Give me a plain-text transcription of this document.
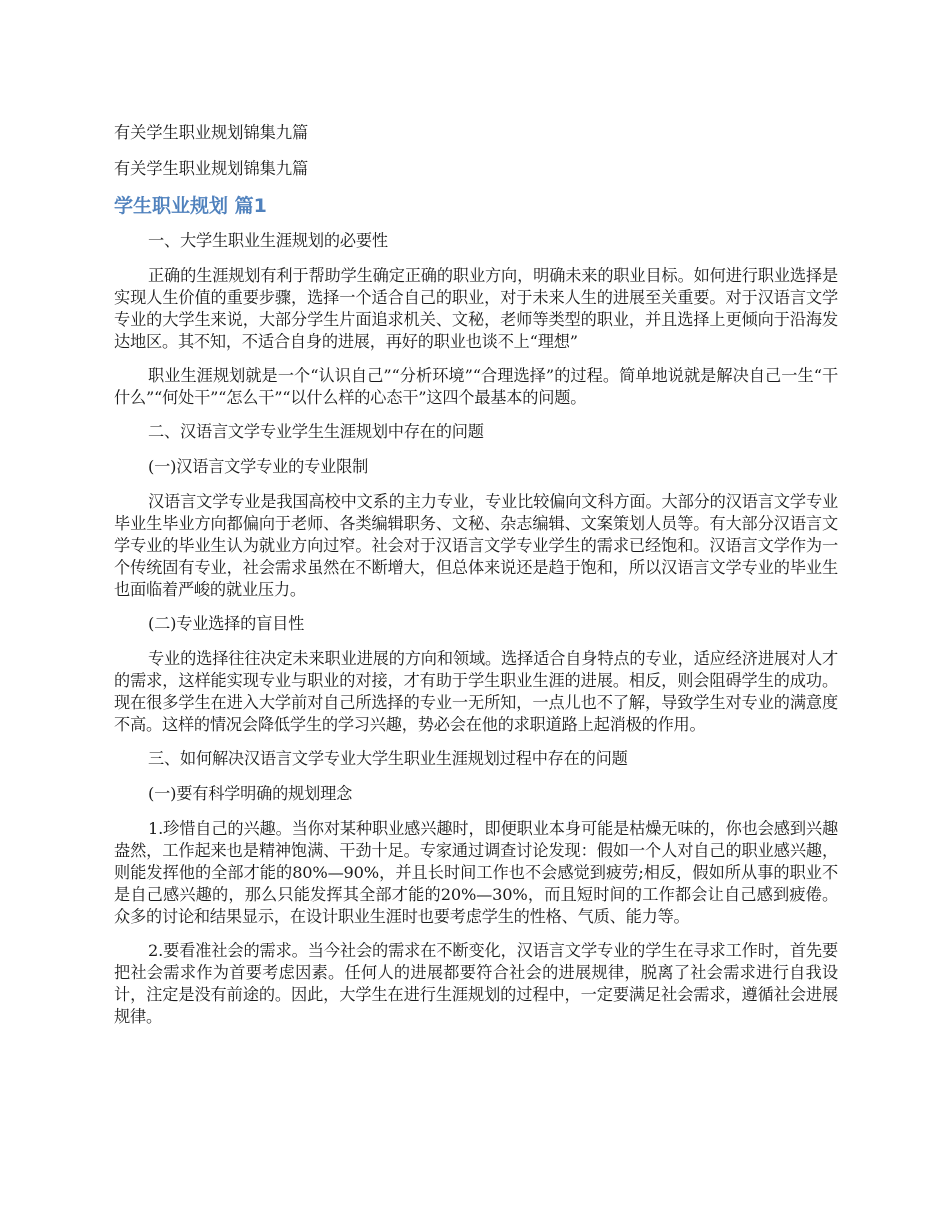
有关学生职业规划锦集九篇

有关学生职业规划锦集九篇

学生职业规划 篇1

一、大学生职业生涯规划的必要性

正确的生涯规划有利于帮助学生确定正确的职业方向，明确未来的职业目标。如何进行职业选择是实现人生价值的重要步骤，选择一个适合自己的职业，对于未来人生的进展至关重要。对于汉语言文学专业的大学生来说，大部分学生片面追求机关、文秘，老师等类型的职业，并且选择上更倾向于沿海发达地区。其不知，不适合自身的进展，再好的职业也谈不上“理想”

职业生涯规划就是一个“认识自己”“分析环境”“合理选择”的过程。简单地说就是解决自己一生“干什么”“何处干”“怎么干”“以什么样的心态干”这四个最基本的问题。

二、汉语言文学专业学生生涯规划中存在的问题

(一)汉语言文学专业的专业限制

汉语言文学专业是我国高校中文系的主力专业，专业比较偏向文科方面。大部分的汉语言文学专业毕业生毕业方向都偏向于老师、各类编辑职务、文秘、杂志编辑、文案策划人员等。有大部分汉语言文学专业的毕业生认为就业方向过窄。社会对于汉语言文学专业学生的需求已经饱和。汉语言文学作为一个传统固有专业，社会需求虽然在不断增大，但总体来说还是趋于饱和，所以汉语言文学专业的毕业生也面临着严峻的就业压力。

(二)专业选择的盲目性

专业的选择往往决定未来职业进展的方向和领域。选择适合自身特点的专业，适应经济进展对人才的需求，这样能实现专业与职业的对接，才有助于学生职业生涯的进展。相反，则会阻碍学生的成功。现在很多学生在进入大学前对自己所选择的专业一无所知，一点儿也不了解，导致学生对专业的满意度不高。这样的情况会降低学生的学习兴趣，势必会在他的求职道路上起消极的作用。

三、如何解决汉语言文学专业大学生职业生涯规划过程中存在的问题

(一)要有科学明确的规划理念

1.珍惜自己的兴趣。当你对某种职业感兴趣时，即便职业本身可能是枯燥无味的，你也会感到兴趣盎然，工作起来也是精神饱满、干劲十足。专家通过调查讨论发现：假如一个人对自己的职业感兴趣，则能发挥他的全部才能的80%—90%，并且长时间工作也不会感觉到疲劳;相反，假如所从事的职业不是自己感兴趣的，那么只能发挥其全部才能的20%—30%，而且短时间的工作都会让自己感到疲倦。众多的讨论和结果显示，在设计职业生涯时也要考虑学生的性格、气质、能力等。

2.要看准社会的需求。当今社会的需求在不断变化，汉语言文学专业的学生在寻求工作时，首先要把社会需求作为首要考虑因素。任何人的进展都要符合社会的进展规律，脱离了社会需求进行自我设计，注定是没有前途的。因此，大学生在进行生涯规划的过程中，一定要满足社会需求，遵循社会进展规律。
